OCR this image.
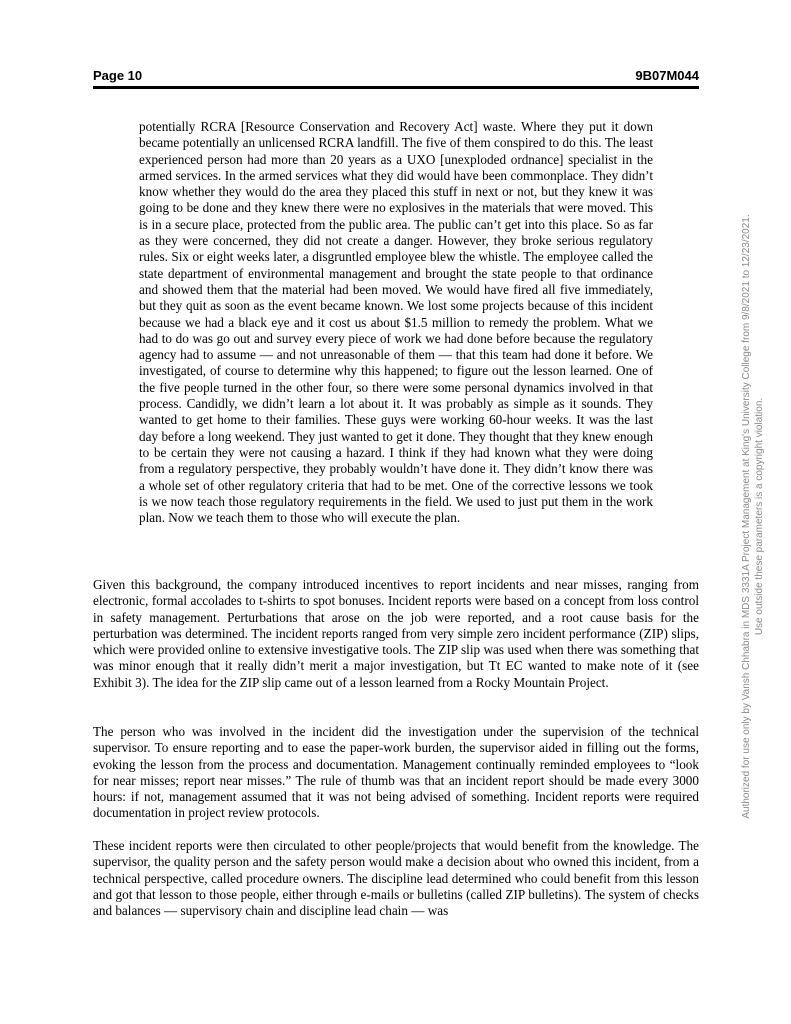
Page 10	9B07M044

potentially RCRA [Resource Conservation and Recovery Act] waste. Where they put it down became potentially an unlicensed RCRA landfill. The five of them conspired to do this. The least experienced person had more than 20 years as a UXO [unexploded ordnance] specialist in the armed services. In the armed services what they did would have been commonplace. They didn’t know whether they would do the area they placed this stuff in next or not, but they knew it was going to be done and they knew there were no explosives in the materials that were moved. This is in a secure place, protected from the public area. The public can’t get into this place. So as far as they were concerned, they did not create a danger. However, they broke serious regulatory rules. Six or eight weeks later, a disgruntled employee blew the whistle. The employee called the state department of environmental management and brought the state people to that ordinance and showed them that the material had been moved. We would have fired all five immediately, but they quit as soon as the event became known. We lost some projects because of this incident because we had a black eye and it cost us about $1.5 million to remedy the problem. What we had to do was go out and survey every piece of work we had done before because the regulatory agency had to assume — and not unreasonable of them — that this team had done it before. We investigated, of course to determine why this happened; to figure out the lesson learned. One of the five people turned in the other four, so there were some personal dynamics involved in that process. Candidly, we didn’t learn a lot about it. It was probably as simple as it sounds. They wanted to get home to their families. These guys were working 60-hour weeks. It was the last day before a long weekend. They just wanted to get it done. They thought that they knew enough to be certain they were not causing a hazard. I think if they had known what they were doing from a regulatory perspective, they probably wouldn’t have done it. They didn’t know there was a whole set of other regulatory criteria that had to be met. One of the corrective lessons we took is we now teach those regulatory requirements in the field. We used to just put them in the work plan. Now we teach them to those who will execute the plan.

Given this background, the company introduced incentives to report incidents and near misses, ranging from electronic, formal accolades to t-shirts to spot bonuses. Incident reports were based on a concept from loss control in safety management. Perturbations that arose on the job were reported, and a root cause basis for the perturbation was determined. The incident reports ranged from very simple zero incident performance (ZIP) slips, which were provided online to extensive investigative tools. The ZIP slip was used when there was something that was minor enough that it really didn’t merit a major investigation, but Tt EC wanted to make note of it (see Exhibit 3). The idea for the ZIP slip came out of a lesson learned from a Rocky Mountain Project.

The person who was involved in the incident did the investigation under the supervision of the technical supervisor. To ensure reporting and to ease the paper-work burden, the supervisor aided in filling out the forms, evoking the lesson from the process and documentation. Management continually reminded employees to “look for near misses; report near misses.” The rule of thumb was that an incident report should be made every 3000 hours: if not, management assumed that it was not being advised of something. Incident reports were required documentation in project review protocols.

These incident reports were then circulated to other people/projects that would benefit from the knowledge. The supervisor, the quality person and the safety person would make a decision about who owned this incident, from a technical perspective, called procedure owners. The discipline lead determined who could benefit from this lesson and got that lesson to those people, either through e-mails or bulletins (called ZIP bulletins). The system of checks and balances — supervisory chain and discipline lead chain — was

Authorized for use only by Vansh Chhabra in MDS 3331A Project Management at King's University College from 9/8/2021 to 12/23/2021. Use outside these parameters is a copyright violation.
